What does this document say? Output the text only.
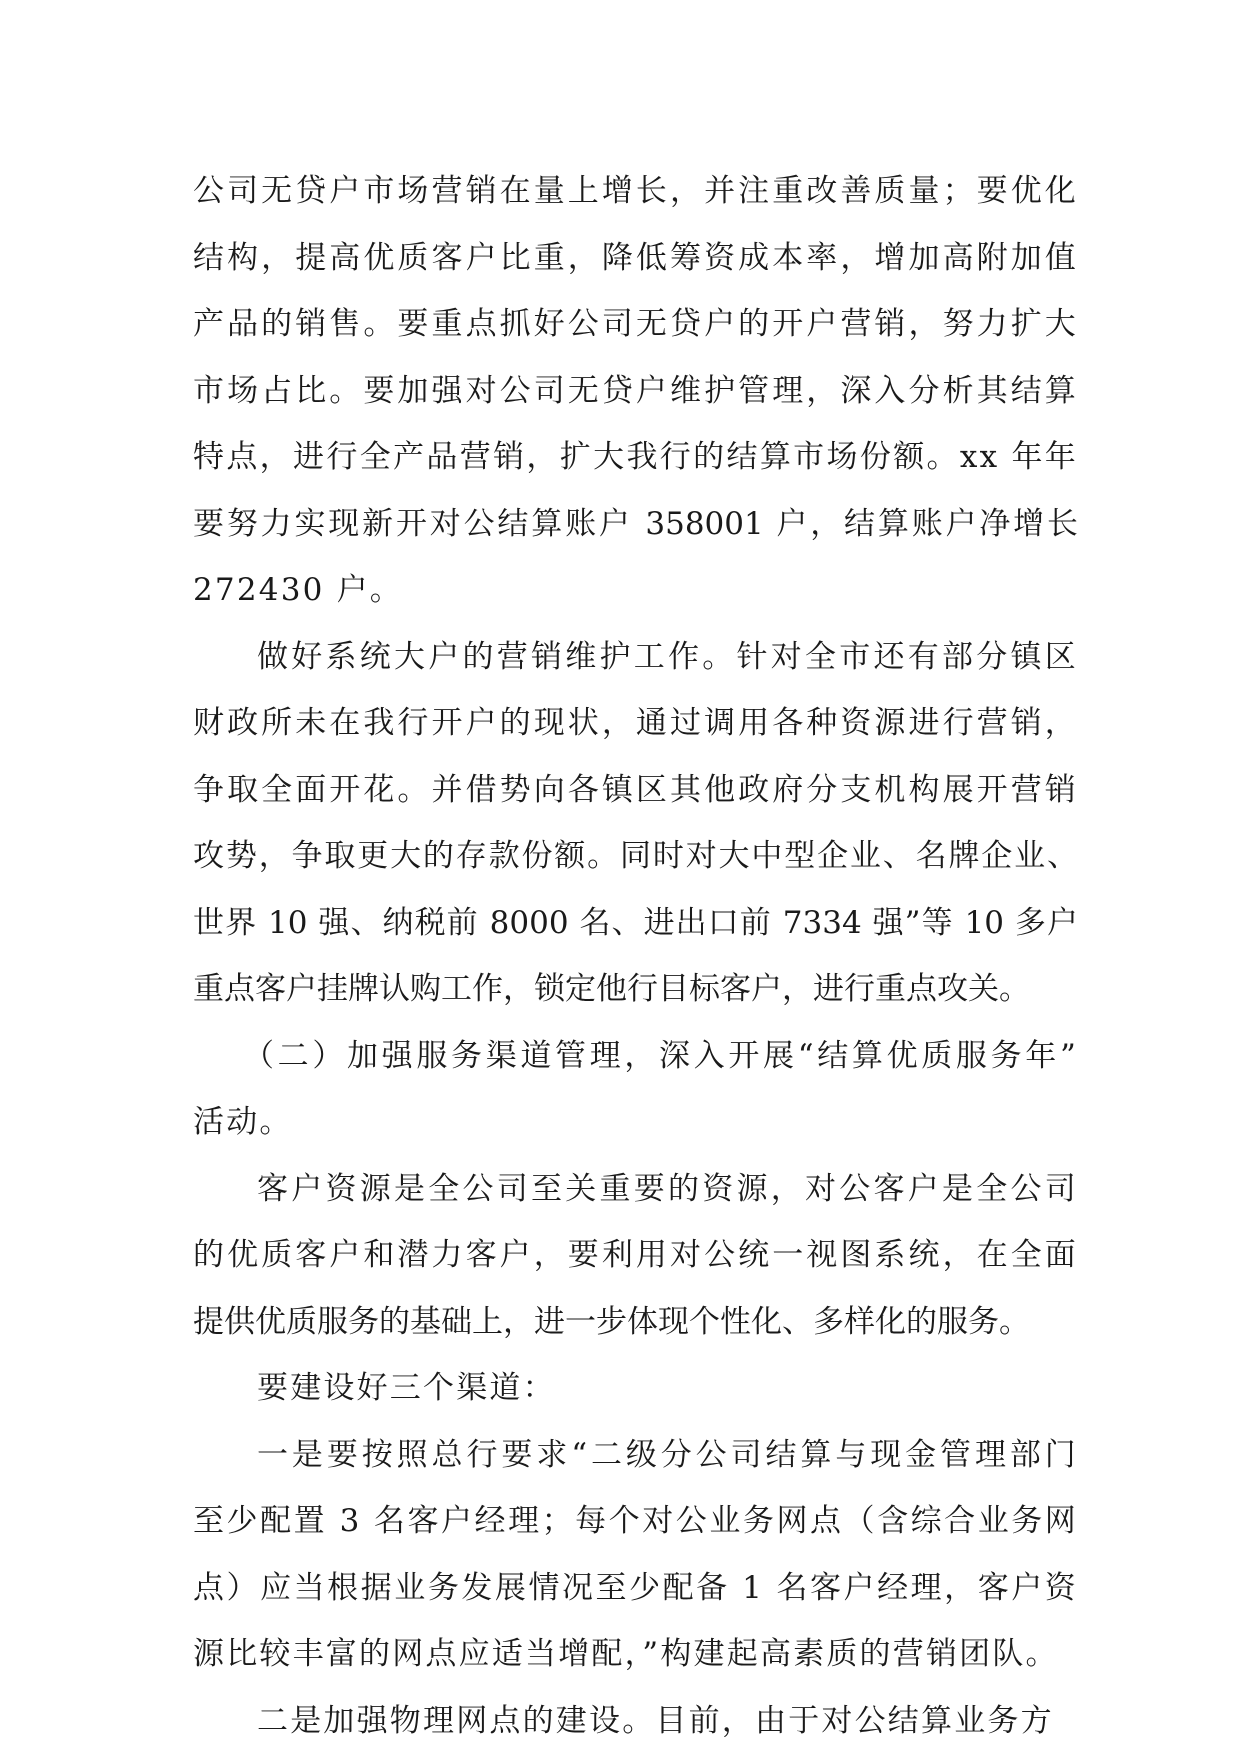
公司无贷户市场营销在量上增长，并注重改善质量；要优化
结构，提高优质客户比重，降低筹资成本率，增加高附加值
产品的销售。要重点抓好公司无贷户的开户营销，努力扩大
市场占比。要加强对公司无贷户维护管理，深入分析其结算
特点，进行全产品营销，扩大我行的结算市场份额。xx 年年
要努力实现新开对公结算账户 358001 户，结算账户净增长
272430 户。
做好系统大户的营销维护工作。针对全市还有部分镇区
财政所未在我行开户的现状，通过调用各种资源进行营销，
争取全面开花。并借势向各镇区其他政府分支机构展开营销
攻势，争取更大的存款份额。同时对大中型企业、名牌企业、
世界 10 强、纳税前 8000 名、进出口前 7334 强”等 10 多户
重点客户挂牌认购工作，锁定他行目标客户，进行重点攻关。
（二）加强服务渠道管理，深入开展“结算优质服务年”
活动。
客户资源是全公司至关重要的资源，对公客户是全公司
的优质客户和潜力客户，要利用对公统一视图系统，在全面
提供优质服务的基础上，进一步体现个性化、多样化的服务。
要建设好三个渠道：
一是要按照总行要求“二级分公司结算与现金管理部门
至少配置 3 名客户经理；每个对公业务网点（含综合业务网
点）应当根据业务发展情况至少配备 1 名客户经理，客户资
源比较丰富的网点应适当增配，”构建起高素质的营销团队。
二是加强物理网点的建设。目前，由于对公结算业务方
